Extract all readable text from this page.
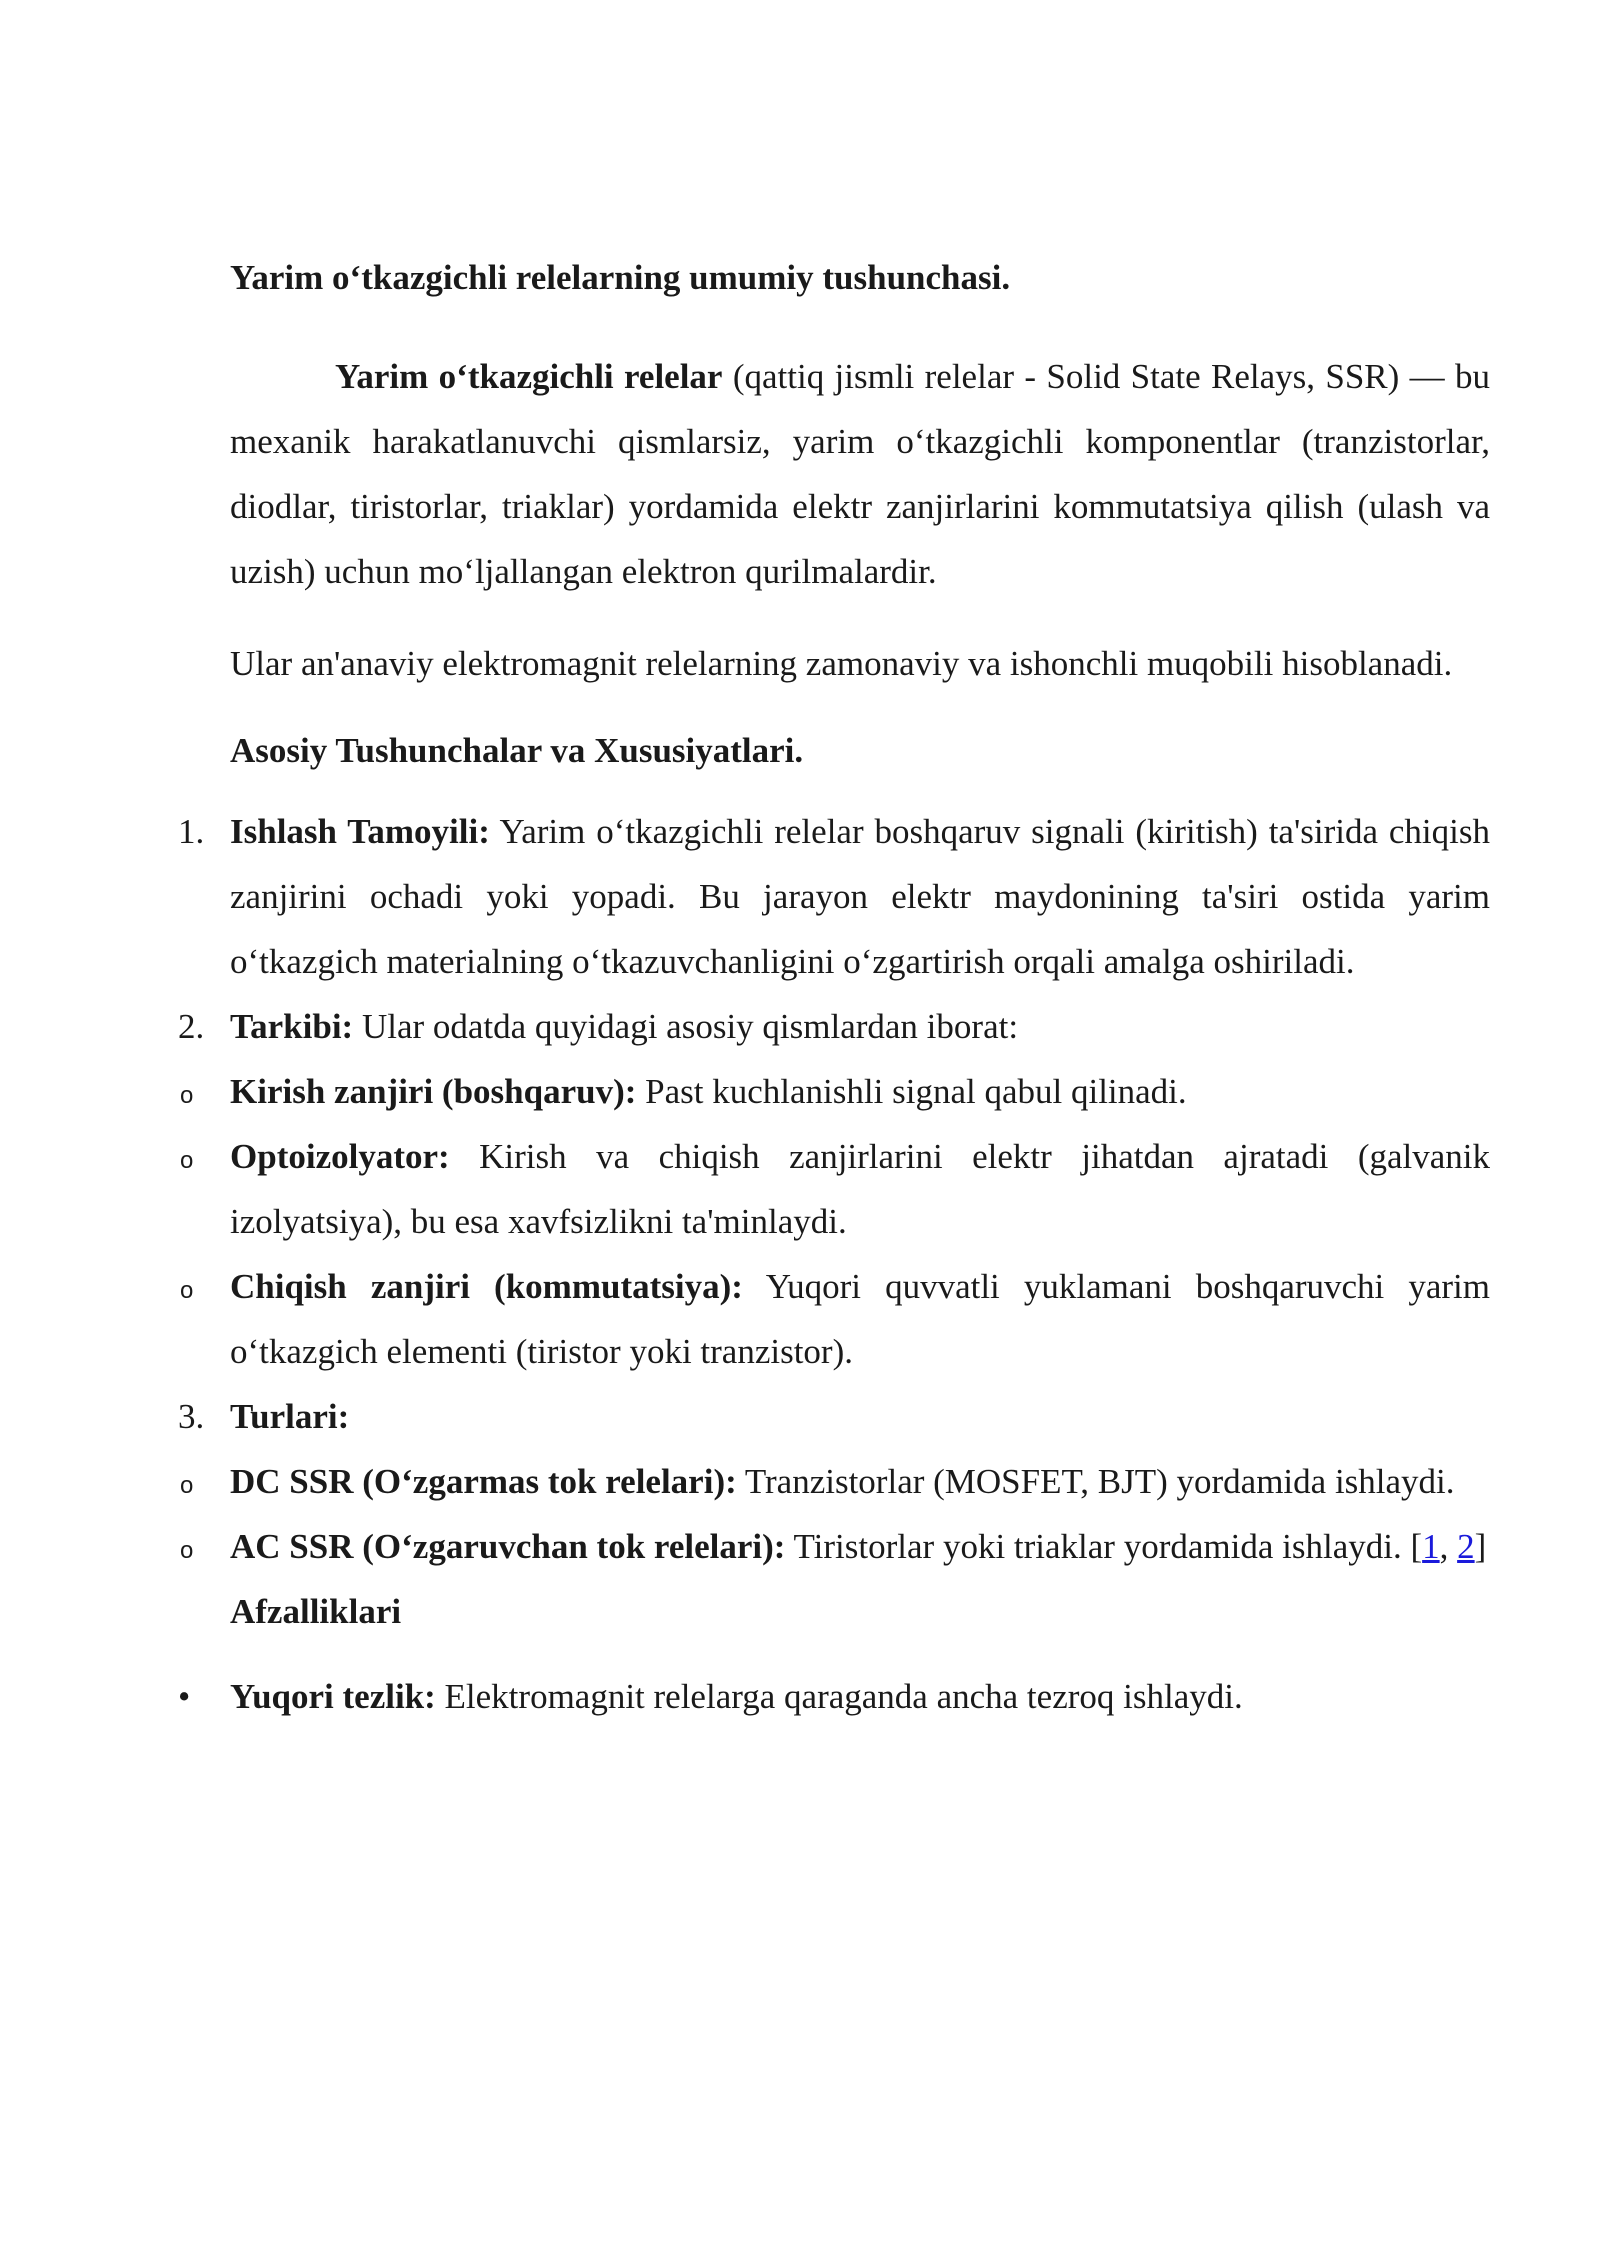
Yarim o‘tkazgichli relelarning umumiy tushunchasi.

Yarim o‘tkazgichli relelar (qattiq jismli relelar - Solid State Relays, SSR) — bu mexanik harakatlanuvchi qismlarsiz, yarim o‘tkazgichli komponentlar (tranzistorlar, diodlar, tiristorlar, triaklar) yordamida elektr zanjirlarini kommutatsiya qilish (ulash va uzish) uchun mo‘ljallangan elektron qurilmalardir.

Ular an'anaviy elektromagnit relelarning zamonaviy va ishonchli muqobili hisoblanadi.

Asosiy Tushunchalar va Xususiyatlari.

1. Ishlash Tamoyili: Yarim o‘tkazgichli relelar boshqaruv signali (kiritish) ta'sirida chiqish zanjirini ochadi yoki yopadi. Bu jarayon elektr maydonining ta'siri ostida yarim o‘tkazgich materialning o‘tkazuvchanligini o‘zgartirish orqali amalga oshiriladi.
2. Tarkibi: Ular odatda quyidagi asosiy qismlardan iborat:
o Kirish zanjiri (boshqaruv): Past kuchlanishli signal qabul qilinadi.
o Optoizolyator: Kirish va chiqish zanjirlarini elektr jihatdan ajratadi (galvanik izolyatsiya), bu esa xavfsizlikni ta'minlaydi.
o Chiqish zanjiri (kommutatsiya): Yuqori quvvatli yuklamani boshqaruvchi yarim o‘tkazgich elementi (tiristor yoki tranzistor).
3. Turlari:
o DC SSR (O‘zgarmas tok relelari): Tranzistorlar (MOSFET, BJT) yordamida ishlaydi.
o AC SSR (O‘zgaruvchan tok relelari): Tiristorlar yoki triaklar yordamida ishlaydi. [1, 2]

Afzalliklari

• Yuqori tezlik: Elektromagnit relelarga qaraganda ancha tezroq ishlaydi.
